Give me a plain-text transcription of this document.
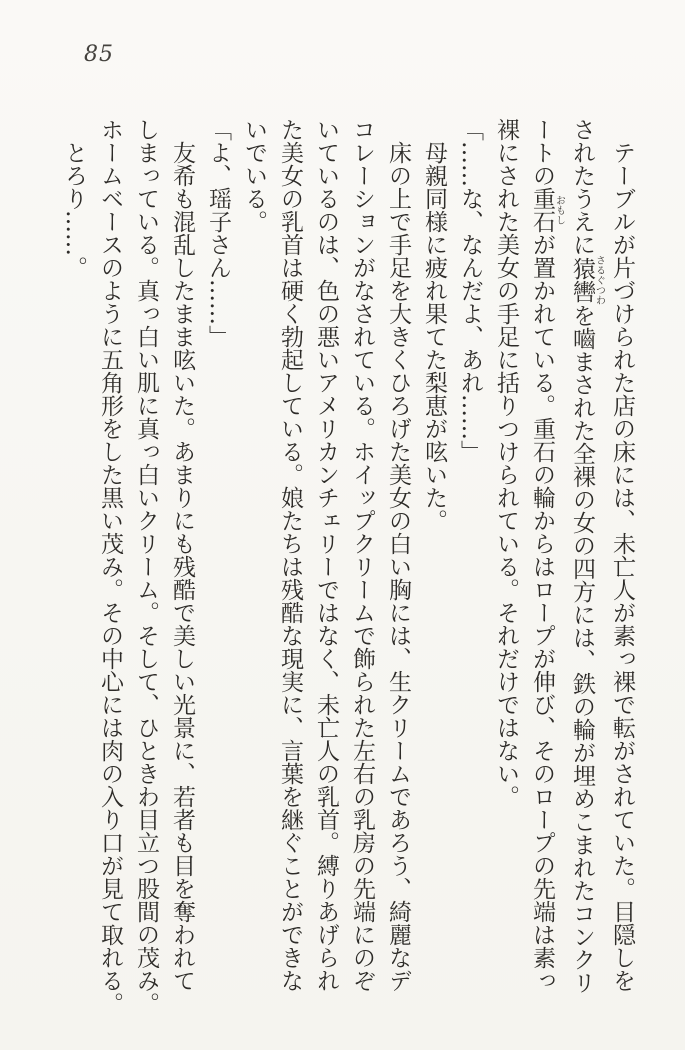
85
　テーブルが片づけられた店の床には、未亡人が素っ裸で転がされていた。目隠しを
されたうえに猿轡さるぐつわを嚙まされた全裸の女の四方には、鉄の輪が埋めこまれたコンクリ
ートの重石おもしが置かれている。重石の輪からはロープが伸び、そのロープの先端は素っ
裸にされた美女の手足に括りつけられている。それだけではない。
「……な、なんだよ、あれ……」
　母親同様に疲れ果てた梨恵が呟いた。
　床の上で手足を大きくひろげた美女の白い胸には、生クリームであろう、綺麗なデ
コレーションがなされている。ホイップクリームで飾られた左右の乳房の先端にのぞ
いているのは、色の悪いアメリカンチェリーではなく、未亡人の乳首。縛りあげられ
た美女の乳首は硬く勃起している。娘たちは残酷な現実に、言葉を継ぐことができな
いでいる。
「よ、瑶子さん……」
　友希も混乱したまま呟いた。あまりにも残酷で美しい光景に、若者も目を奪われて
しまっている。真っ白い肌に真っ白いクリーム。そして、ひときわ目立つ股間の茂み。
ホームベースのように五角形をした黒い茂み。その中心には肉の入り口が見て取れる。
　とろり……。
